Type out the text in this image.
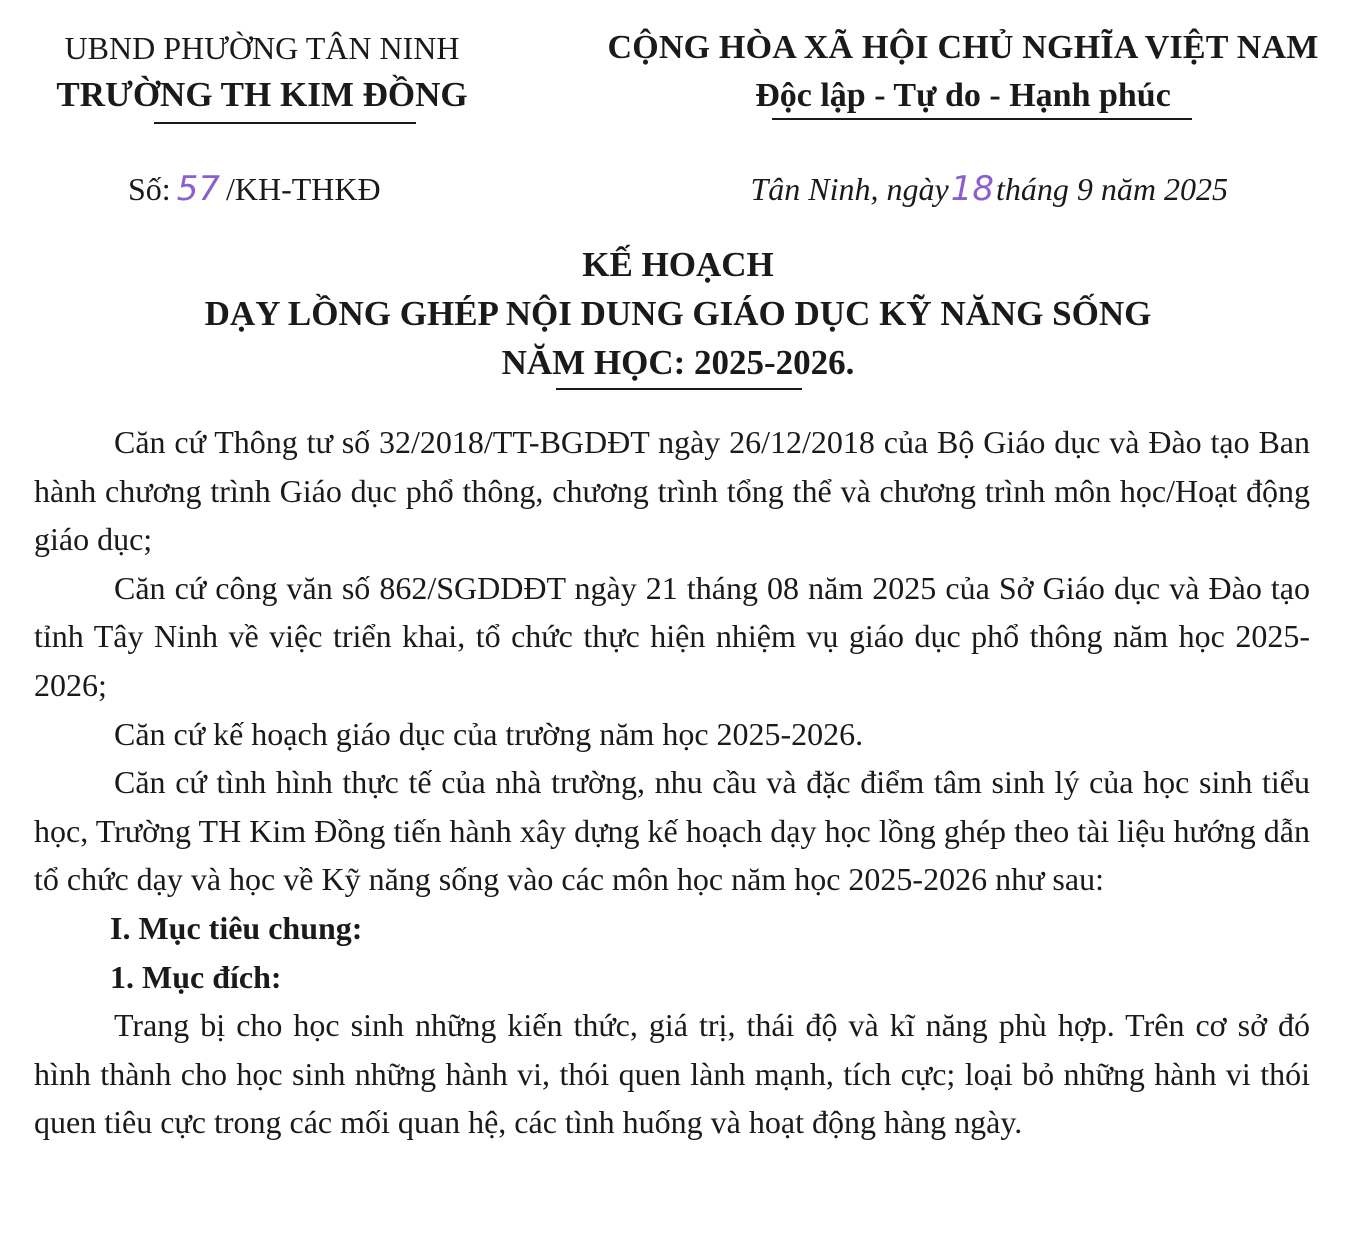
UBND PHƯỜNG TÂN NINH
TRƯỜNG TH KIM ĐỒNG
CỘNG HÒA XÃ HỘI CHỦ NGHĨA VIỆT NAM
Độc lập - Tự do - Hạnh phúc
Số: 57 /KH-THKĐ	Tân Ninh, ngày18tháng 9 năm 2025
KẾ HOẠCH
DẠY LỒNG GHÉP NỘI DUNG GIÁO DỤC KỸ NĂNG SỐNG
NĂM HỌC: 2025-2026.

Căn cứ Thông tư số 32/2018/TT-BGDĐT ngày 26/12/2018 của Bộ Giáo dục và Đào tạo Ban hành chương trình Giáo dục phổ thông, chương trình tổng thể và chương trình môn học/Hoạt động giáo dục;

Căn cứ công văn số 862/SGDDĐT ngày 21 tháng 08 năm 2025 của Sở Giáo dục và Đào tạo tỉnh Tây Ninh về việc triển khai, tổ chức thực hiện nhiệm vụ giáo dục phổ thông năm học 2025-2026;

Căn cứ kế hoạch giáo dục của trường năm học 2025-2026.

Căn cứ tình hình thực tế của nhà trường, nhu cầu và đặc điểm tâm sinh lý của học sinh tiểu học, Trường TH Kim Đồng tiến hành xây dựng kế hoạch dạy học lồng ghép theo tài liệu hướng dẫn tổ chức dạy và học về Kỹ năng sống vào các môn học năm học 2025-2026 như sau:

I. Mục tiêu chung:

1. Mục đích:

Trang bị cho học sinh những kiến thức, giá trị, thái độ và kĩ năng phù hợp. Trên cơ sở đó hình thành cho học sinh những hành vi, thói quen lành mạnh, tích cực; loại bỏ những hành vi thói quen tiêu cực trong các mối quan hệ, các tình huống và hoạt động hàng ngày.
